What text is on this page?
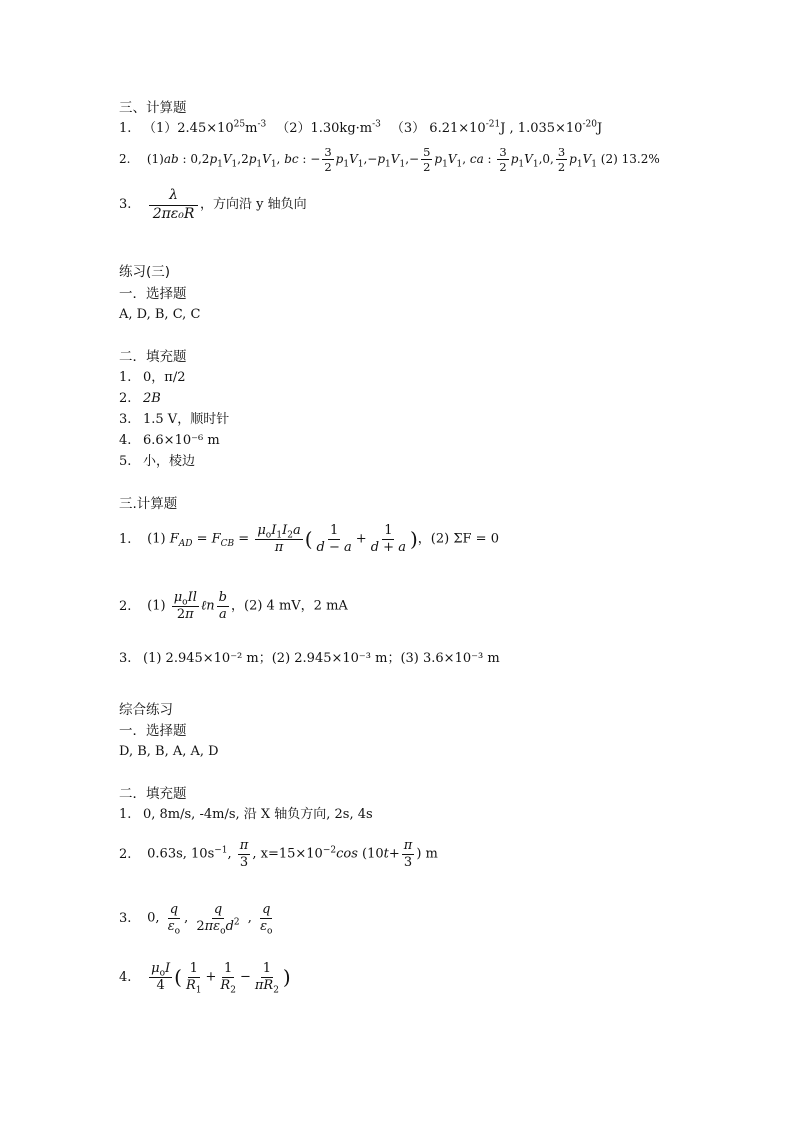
三、计算题
1. $(1)2.45\times 10^{25}m^{-3}$ $(2)1.30kg\cdot m^{-3}$ （3） $6.21\times 10^{-21}J$ , $1.035\times 10^{-20}J$
2. (1)ab : $0,2p_1V_1,2p_1V_1$, bc : − $\frac{3}{2} p_1V_1,-p_1V_1,- \frac{5}{2} p_1V_1$, ca : $\frac{3}{2} p_1V_1,0$, $\frac{3}{2} p_1V_1$ (2) 13.2%
3. $\frac{\lambda}{\text{2πε₀R}}$ ，方向沿 y 轴负向
练习(三)
一．选择题
A, D, B, C, C
二．填充题
1. 0，π/2
2. 2B
3. 1.5 V，顺时针
4. 6.6×10⁻⁶ m
5. 小，棱边
三.计算题
1. (1) $F_{AD} = F_{CB} = \frac{\mu_oI_1I_2a}{\pi}$ ( $\frac{1}{d - a} + \frac{1}{d + a}$ )，(2) ΣF = 0
2. $(1) \frac{\mu_oIl}{2\pi}$ ℓn $\frac{b}{a}$ ，(2) 4 mV，2 mA
3. (1) 2.945×10⁻² m；(2) 2.945×10⁻³ m；(3) 3.6×10⁻³ m
综合练习
一．选择题
D, B, B, A, A, D
二．填充题
1. 0, 8m/s, -4m/s, 沿 X 轴负方向, 2s, 4s
2. 0.63s, $10s^{-1}$, $\frac{\pi}{3}$ , $x=15\times 10^{-2}\cos$ ($10t+ \frac{\pi}{3}$ ) m
3. 0, $\frac{q}{\varepsilon_o}$ , $\frac{q}{2\pi\varepsilon_od^2}$ , $\frac{q}{\varepsilon_o}$
4. $\frac{\mu_oI}{4}$ ( $\frac{1}{R_1} + \frac{1}{R_2} - \frac{1}{\pi R_2}$ )
